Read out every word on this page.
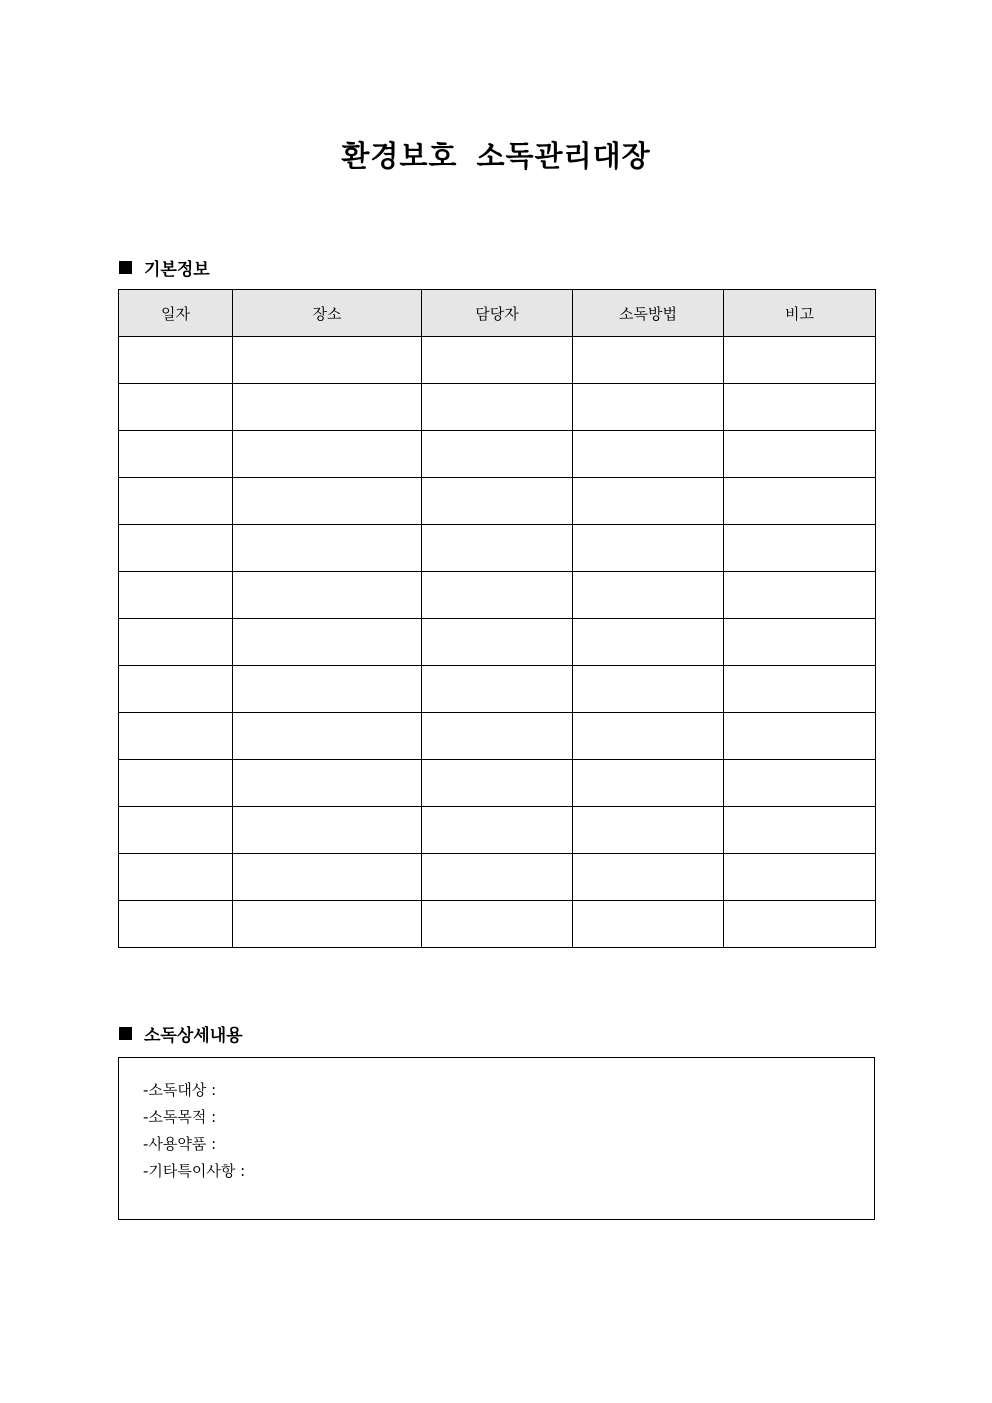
환경보호 소독관리대장
기본정보
일자	장소	담당자	소독방법	비고

소독상세내용
-소독대상 :
-소독목적 :
-사용약품 :
-기타특이사항 :
